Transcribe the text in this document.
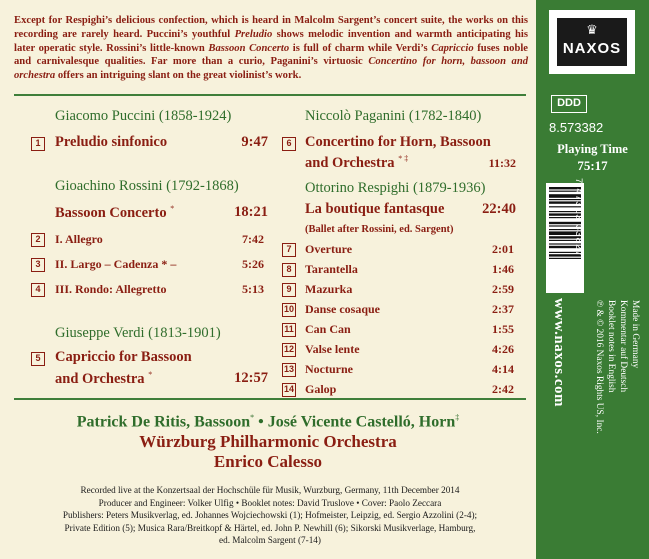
Except for Respighi’s delicious confection, which is heard in Malcolm Sargent’s concert suite, the works on this recording are rarely heard. Puccini’s youthful Preludio shows melodic invention and warmth anticipating his later operatic style. Rossini’s little-known Bassoon Concerto is full of charm while Verdi’s Capriccio fuses noble and carnivalesque qualities. Far more than a curio, Paganini’s virtuosic Concertino for horn, bassoon and orchestra offers an intriguing slant on the great violinist’s work.
Giacomo Puccini (1858-1924)
1	Preludio sinfonico	9:47
Gioachino Rossini (1792-1868)
Bassoon Concerto *	18:21
2	I. Allegro	7:42
3	II. Largo – Cadenza * –	5:26
4	III. Rondo: Allegretto	5:13
Giuseppe Verdi (1813-1901)
5	Capriccio for Bassoon
and Orchestra *	12:57
Niccolò Paganini (1782-1840)
6 Concertino for Horn, Bassoon
and Orchestra * ‡	11:32
Ottorino Respighi (1879-1936)
La boutique fantasque	22:40
(Ballet after Rossini, ed. Sargent)
7	Overture	2:01
8	Tarantella	1:46
9	Mazurka	2:59
10 Danse cosaque	2:37
11 Can Can	1:55
12 Valse lente	4:26
13 Nocturne	4:14
14 Galop	2:42
Patrick De Ritis, Bassoon* • José Vicente Castelló, Horn‡
Würzburg Philharmonic Orchestra
Enrico Calesso
Recorded live at the Konzertsaal der Hochschüle für Musik, Wurzburg, Germany, 11th December 2014
Producer and Engineer: Volker Ulfig • Booklet notes: David Truslove • Cover: Paolo Zeccara
Publishers: Peters Musikverlag, ed. Johannes Wojciechowski (1); Hofmeister, Leipzig, ed. Sergio Azzolini (2-4);
Private Edition (5); Musica Rara/Breitkopf & Härtel, ed. John P. Newhill (6); Sikorski Musikverlage, Hamburg,
ed. Malcolm Sargent (7-14)
♛
NAXOS
DDD
8.573382
Playing Time
75:17
7 47313 33827 6
www.naxos.com	℗ & © 2016 Naxos Rights US, Inc. Booklet notes in English Kommentar auf Deutsch Made in Germany
